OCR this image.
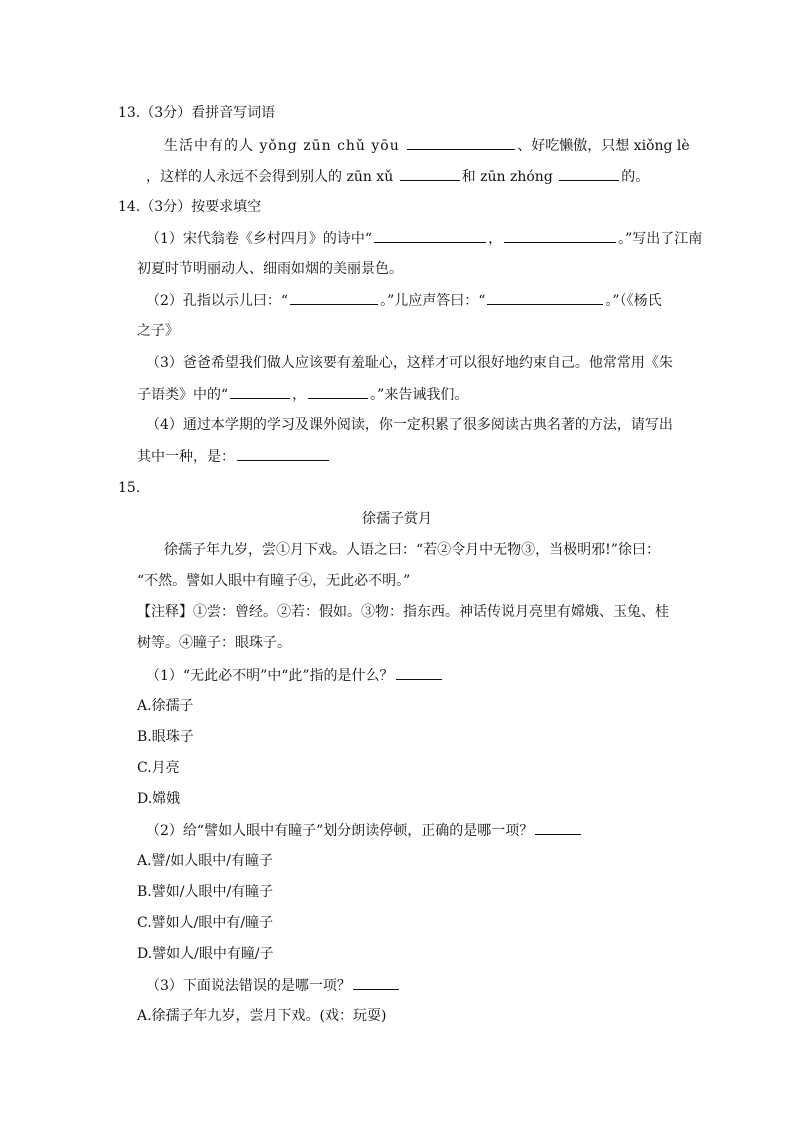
13.（3分）看拼音写词语
生活中有的人 yǒng zūn chǔ yōu	、好吃懒傲，只想 xiǒng lè
，这样的人永远不会得到别人的 zūn xǔ	和 zūn zhóng	的。
14.（3分）按要求填空
（1）宋代翁卷《乡村四月》的诗中“	，	。”写出了江南
初夏时节明丽动人、细雨如烟的美丽景色。
（2）孔指以示儿曰：“	。”儿应声答曰：“	。”（《杨氏
之子》
（3）爸爸希望我们做人应该要有羞耻心，这样才可以很好地约束自己。他常常用《朱
子语类》中的“	，	。”来告诫我们。
（4）通过本学期的学习及课外阅读，你一定积累了很多阅读古典名著的方法，请写出
其中一种，是：
15.
徐孺子赏月
徐孺子年九岁，尝①月下戏。人语之曰：“若②令月中无物③，当极明邪!”徐曰：
“不然。譬如人眼中有瞳子④，无此必不明。”
【注释】①尝：曾经。②若：假如。③物：指东西。神话传说月亮里有嫦娥、玉兔、桂
树等。④瞳子：眼珠子。
（1）“无此必不明”中“此”指的是什么？
A.徐孺子
B.眼珠子
C.月亮
D.嫦娥
（2）给“譬如人眼中有瞳子”划分朗读停顿，正确的是哪一项？
A.譬/如人眼中/有瞳子
B.譬如/人眼中/有瞳子
C.譬如人/眼中有/瞳子
D.譬如人/眼中有瞳/子
（3）下面说法错误的是哪一项？
A.徐孺子年九岁，尝月下戏。(戏：玩耍)
